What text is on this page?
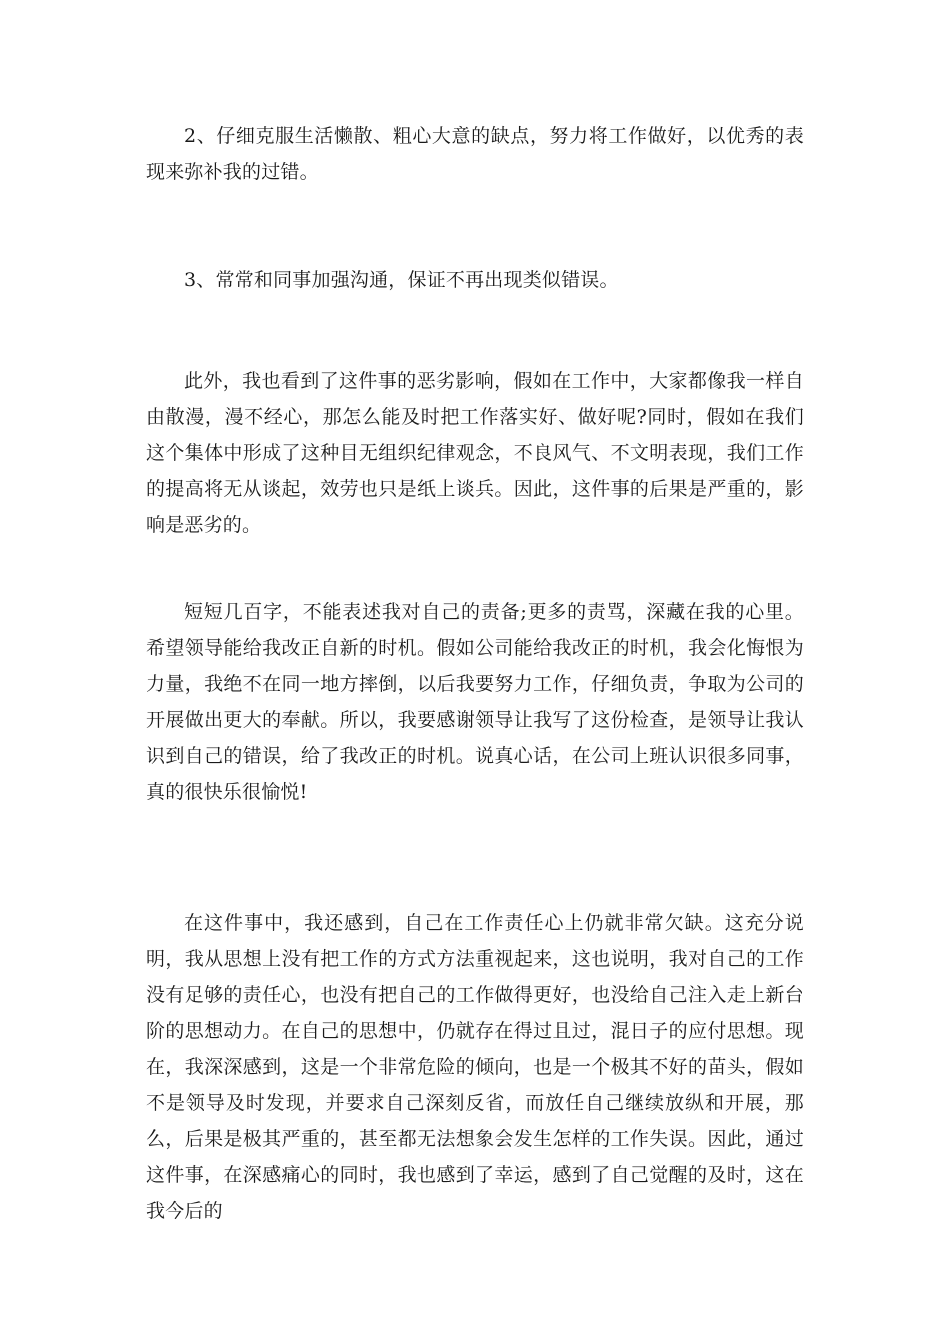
2、仔细克服生活懒散、粗心大意的缺点，努力将工作做好，以优秀的表现来弥补我的过错。

3、常常和同事加强沟通，保证不再出现类似错误。

此外，我也看到了这件事的恶劣影响，假如在工作中，大家都像我一样自由散漫，漫不经心，那怎么能及时把工作落实好、做好呢?同时，假如在我们这个集体中形成了这种目无组织纪律观念，不良风气、不文明表现，我们工作的提高将无从谈起，效劳也只是纸上谈兵。因此，这件事的后果是严重的，影响是恶劣的。

短短几百字，不能表述我对自己的责备;更多的责骂，深藏在我的心里。希望领导能给我改正自新的时机。假如公司能给我改正的时机，我会化悔恨为力量，我绝不在同一地方摔倒，以后我要努力工作，仔细负责，争取为公司的开展做出更大的奉献。所以，我要感谢领导让我写了这份检查，是领导让我认识到自己的错误，给了我改正的时机。说真心话，在公司上班认识很多同事，真的很快乐很愉悦!

在这件事中，我还感到，自己在工作责任心上仍就非常欠缺。这充分说明，我从思想上没有把工作的方式方法重视起来，这也说明，我对自己的工作没有足够的责任心，也没有把自己的工作做得更好，也没给自己注入走上新台阶的思想动力。在自己的思想中，仍就存在得过且过，混日子的应付思想。现在，我深深感到，这是一个非常危险的倾向，也是一个极其不好的苗头，假如不是领导及时发现，并要求自己深刻反省，而放任自己继续放纵和开展，那么，后果是极其严重的，甚至都无法想象会发生怎样的工作失误。因此，通过这件事，在深感痛心的同时，我也感到了幸运，感到了自己觉醒的及时，这在我今后的
